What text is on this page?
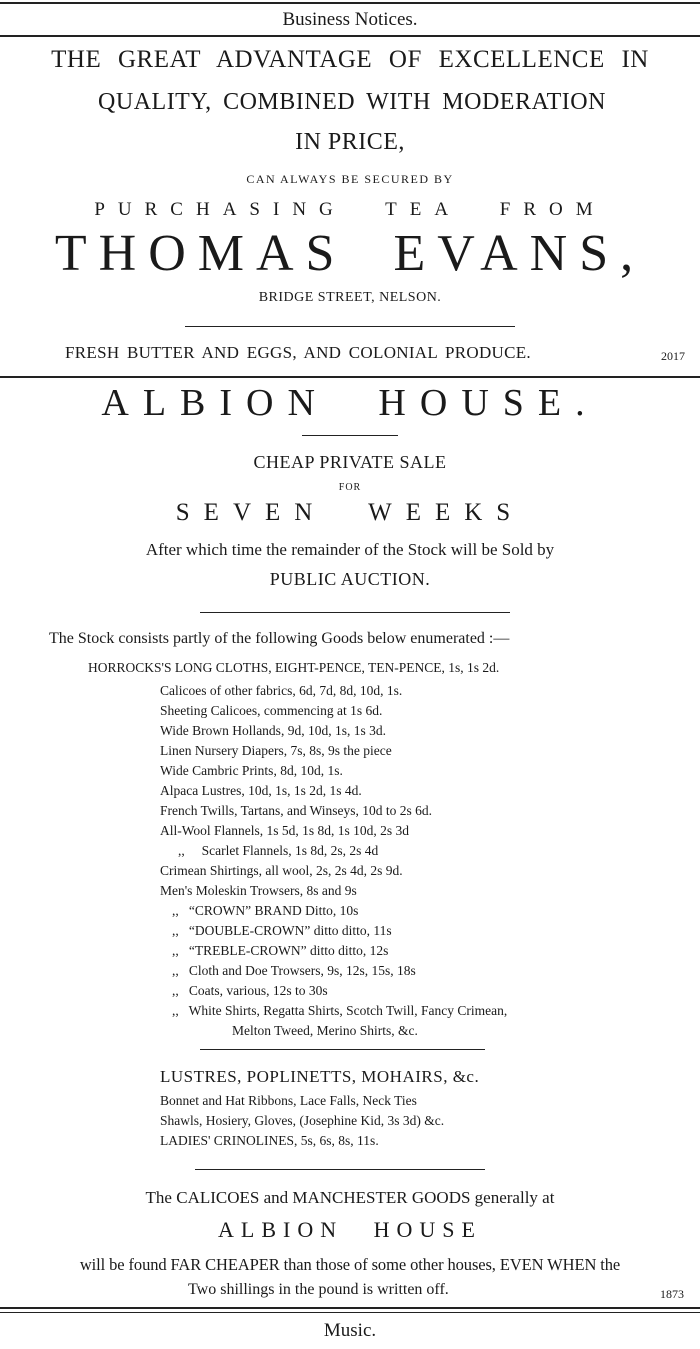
Business Notices.
THE GREAT ADVANTAGE OF EXCELLENCE IN
QUALITY, COMBINED WITH MODERATION
IN PRICE,
CAN ALWAYS BE SECURED BY
PURCHASING TEA FROM
THOMAS EVANS,
BRIDGE STREET, NELSON.
FRESH BUTTER AND EGGS, AND COLONIAL PRODUCE.	2017
ALBION HOUSE.
CHEAP PRIVATE SALE
FOR
SEVEN WEEKS
After which time the remainder of the Stock will be Sold by
PUBLIC AUCTION.
The Stock consists partly of the following Goods below enumerated :—
HORROCKS'S LONG CLOTHS, EIGHT-PENCE, TEN-PENCE, 1s, 1s 2d.
Calicoes of other fabrics, 6d, 7d, 8d, 10d, 1s.
Sheeting Calicoes, commencing at 1s 6d.
Wide Brown Hollands, 9d, 10d, 1s, 1s 3d.
Linen Nursery Diapers, 7s, 8s, 9s the piece
Wide Cambric Prints, 8d, 10d, 1s.
Alpaca Lustres, 10d, 1s, 1s 2d, 1s 4d.
French Twills, Tartans, and Winseys, 10d to 2s 6d.
All-Wool Flannels, 1s 5d, 1s 8d, 1s 10d, 2s 3d
,,     Scarlet Flannels, 1s 8d, 2s, 2s 4d
Crimean Shirtings, all wool, 2s, 2s 4d, 2s 9d.
Men's Moleskin Trowsers, 8s and 9s
,,   “CROWN” BRAND Ditto, 10s
,,   “DOUBLE-CROWN” ditto ditto, 11s
,,   “TREBLE-CROWN” ditto ditto, 12s
,,   Cloth and Doe Trowsers, 9s, 12s, 15s, 18s
,,   Coats, various, 12s to 30s
,,   White Shirts, Regatta Shirts, Scotch Twill, Fancy Crimean,
Melton Tweed, Merino Shirts, &c.
LUSTRES, POPLINETTS, MOHAIRS, &c.
Bonnet and Hat Ribbons, Lace Falls, Neck Ties
Shawls, Hosiery, Gloves, (Josephine Kid, 3s 3d) &c.
LADIES' CRINOLINES, 5s, 6s, 8s, 11s.
The CALICOES and MANCHESTER GOODS generally at
ALBION HOUSE
will be found FAR CHEAPER than those of some other houses, EVEN WHEN the
Two shillings in the pound is written off.	1873
Music.
